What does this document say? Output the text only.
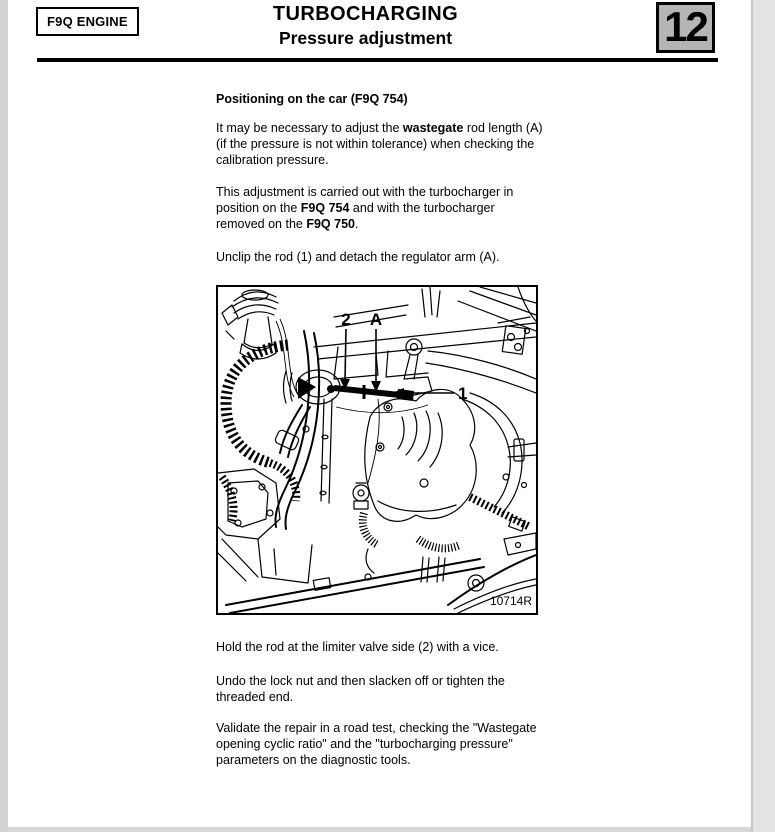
F9Q ENGINE	TURBOCHARGING
Pressure adjustment	12
Positioning on the car (F9Q 754)
It may be necessary to adjust the wastegate rod length (A) (if the pressure is not within tolerance) when checking the calibration pressure.
This adjustment is carried out with the turbocharger in position on the F9Q 754 and with the turbocharger removed on the F9Q 750.
Unclip the rod (1) and detach the regulator arm (A).
Hold the rod at the limiter valve side (2) with a vice.
Undo the lock nut and then slacken off or tighten the threaded end.
Validate the repair in a road test, checking the "Wastegate opening cyclic ratio" and the "turbocharging pressure" parameters on the diagnostic tools.
2 A
1
10714R
